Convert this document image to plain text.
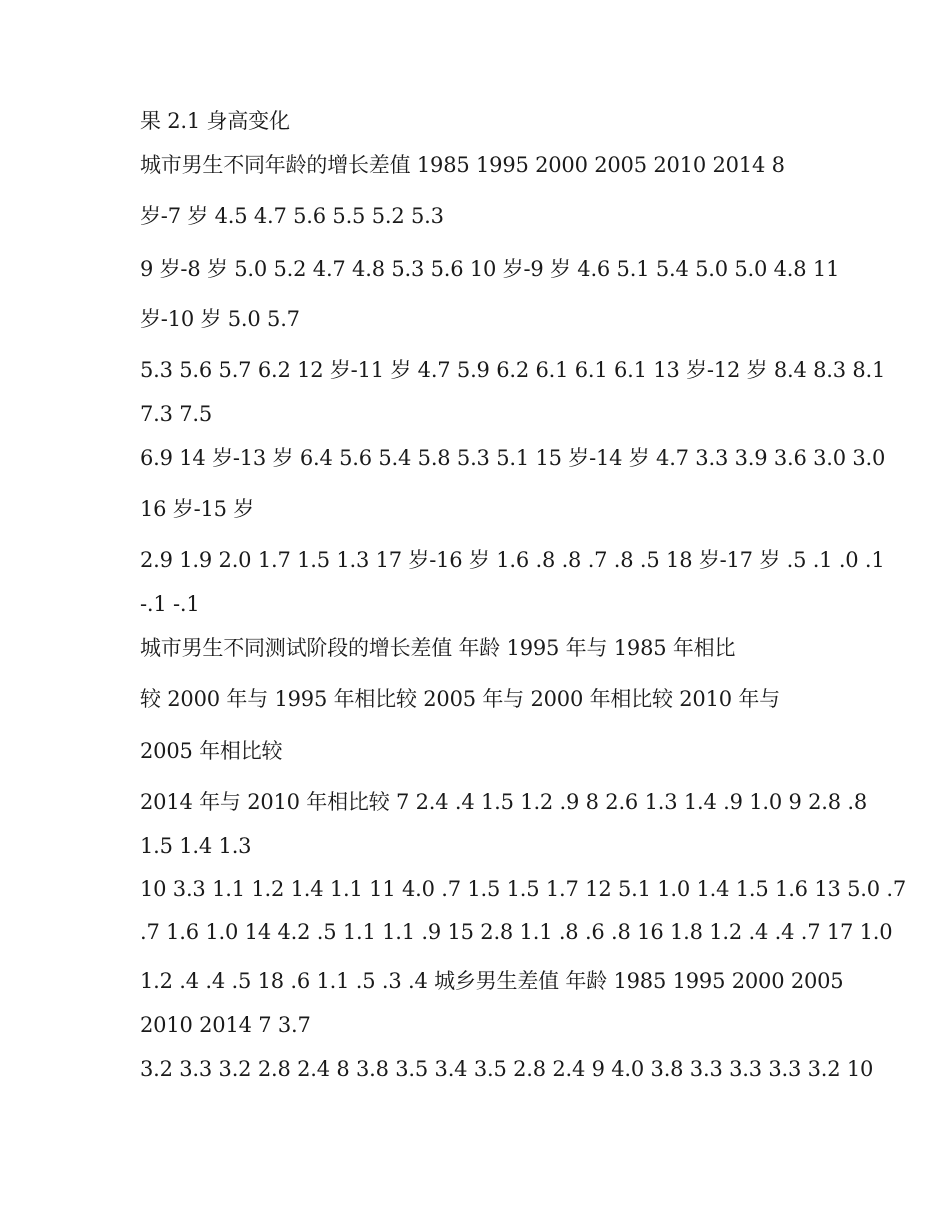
果 2.1 身高变化
城市男生不同年龄的增长差值 1985 1995 2000 2005 2010 2014 8
岁-7 岁 4.5 4.7 5.6 5.5 5.2 5.3
9 岁-8 岁 5.0 5.2 4.7 4.8 5.3 5.6 10 岁-9 岁 4.6 5.1 5.4 5.0 5.0 4.8 11
岁-10 岁 5.0 5.7
5.3 5.6 5.7 6.2 12 岁-11 岁 4.7 5.9 6.2 6.1 6.1 6.1 13 岁-12 岁 8.4 8.3 8.1
7.3 7.5
6.9 14 岁-13 岁 6.4 5.6 5.4 5.8 5.3 5.1 15 岁-14 岁 4.7 3.3 3.9 3.6 3.0 3.0
16 岁-15 岁
2.9 1.9 2.0 1.7 1.5 1.3 17 岁-16 岁 1.6 .8 .8 .7 .8 .5 18 岁-17 岁 .5 .1 .0 .1
-.1 -.1
城市男生不同测试阶段的增长差值 年龄 1995 年与 1985 年相比
较 2000 年与 1995 年相比较 2005 年与 2000 年相比较 2010 年与
2005 年相比较
2014 年与 2010 年相比较 7 2.4 .4 1.5 1.2 .9 8 2.6 1.3 1.4 .9 1.0 9 2.8 .8
1.5 1.4 1.3
10 3.3 1.1 1.2 1.4 1.1 11 4.0 .7 1.5 1.5 1.7 12 5.1 1.0 1.4 1.5 1.6 13 5.0 .7
.7 1.6 1.0 14 4.2 .5 1.1 1.1 .9 15 2.8 1.1 .8 .6 .8 16 1.8 1.2 .4 .4 .7 17 1.0
1.2 .4 .4 .5 18 .6 1.1 .5 .3 .4 城乡男生差值 年龄 1985 1995 2000 2005
2010 2014 7 3.7
3.2 3.3 3.2 2.8 2.4 8 3.8 3.5 3.4 3.5 2.8 2.4 9 4.0 3.8 3.3 3.3 3.3 3.2 10
